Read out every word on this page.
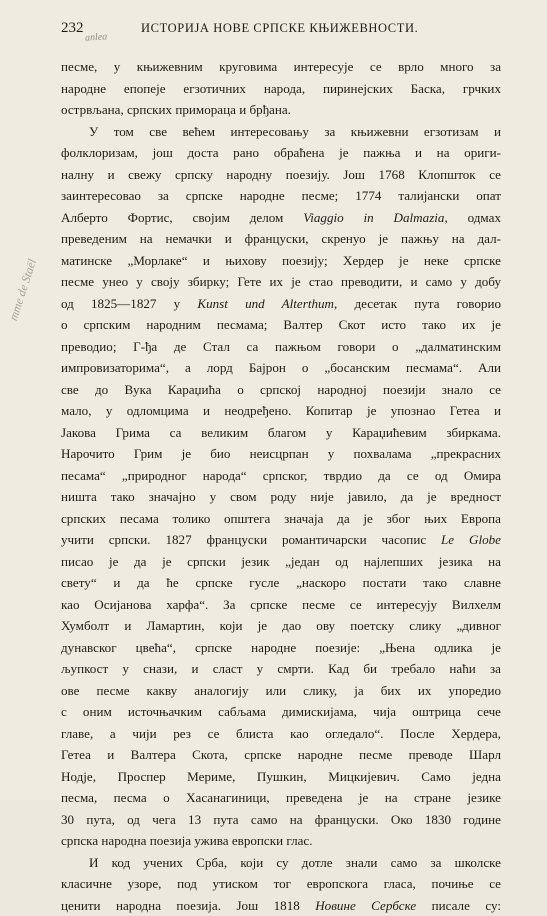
232	ИСТОРИЈА НОВЕ СРПСКЕ КЊИЖЕВНОСТИ.
anlea
mme de Staël

песме, у књижевним круговима интересује се врло много за
народне епопеје егзотичних народа, пиринејских Баска, грчких
острвљана, српских приморaца и брђана.

У том све већем интересовању за књижевни егзотизам и
фолклоризам, још доста рано обраћена је пажња и на ориги-
налну и свежу српску народну поезију. Још 1768 Клопшток се
заинтересовао за српске народне песме; 1774 талијански опат
Алберто Фортис, својим делом Viaggio in Dalmazia, одмах
преведеним на немачки и француски, скренуо је пажњу на дал-
матинске „Морлаке“ и њихову поезију; Хердер је неке српске
песме унео у своју збирку; Гете их је стао преводити, и само у добу
од 1825—1827 у Kunst und Alterthum, десетак пута говорио
о српским народним песмама; Валтер Скот исто тако их је
преводио; Г-ђа де Стал са пажњом говори о „далматинским
импровизаторима“, а лорд Бајрон о „босанским песмама“. Али
све до Вука Караџића о српској народној поезији знало се
мало, у одломцима и неодређено. Копитар је упознао Гетеа и
Јакова Грима са великим благом у Караџићевим збиркама.
Нарочито Грим је био неисцрпан у похвалама „прекрасних
песама“ „природног народа“ српског, тврдио да се од Омира
ништа тако значајно у свом роду није јавило, да је вредност
српских песама толико општега значаја да је због њих Европа
учити српски. 1827 француски романтичарски часопис Le Globe
писао је да је српски језик „један од најлепших језика на
свету“ и да ће српске гусле „наскоро постати тако славне
као Осијанова харфа“. За српске песме се интересују Вилхелм
Хумболт и Ламартин, који је дао ову поетску слику „дивног
дунавског цвећа“, српске народне поезије: „Њена одлика је
љупкост у снази, и сласт у смрти. Кад би требало наћи за
ове песме какву аналогију или слику, ја бих их упоредио
с оним источњачким сабљама димискијама, чија оштрица сече
главе, а чији рез се блиста као огледало“. После Хердера,
Гетеа и Валтера Скота, српске народне песме преводе Шарл
Нодје, Проспер Мериме, Пушкин, Мицкијевич. Само једна
песма, песма о Хасанагиници, преведена је на стране језике
30 пута, од чега 13 пута само на француски. Око 1830 године
српска народна поезија ужива европски глас.

И код учених Срба, који су дотле знали само за школске
класичне узоре, под утиском тог европскога гласа, почиње се
ценити народна поезија. Још 1818 Новине Сербске писале су:
